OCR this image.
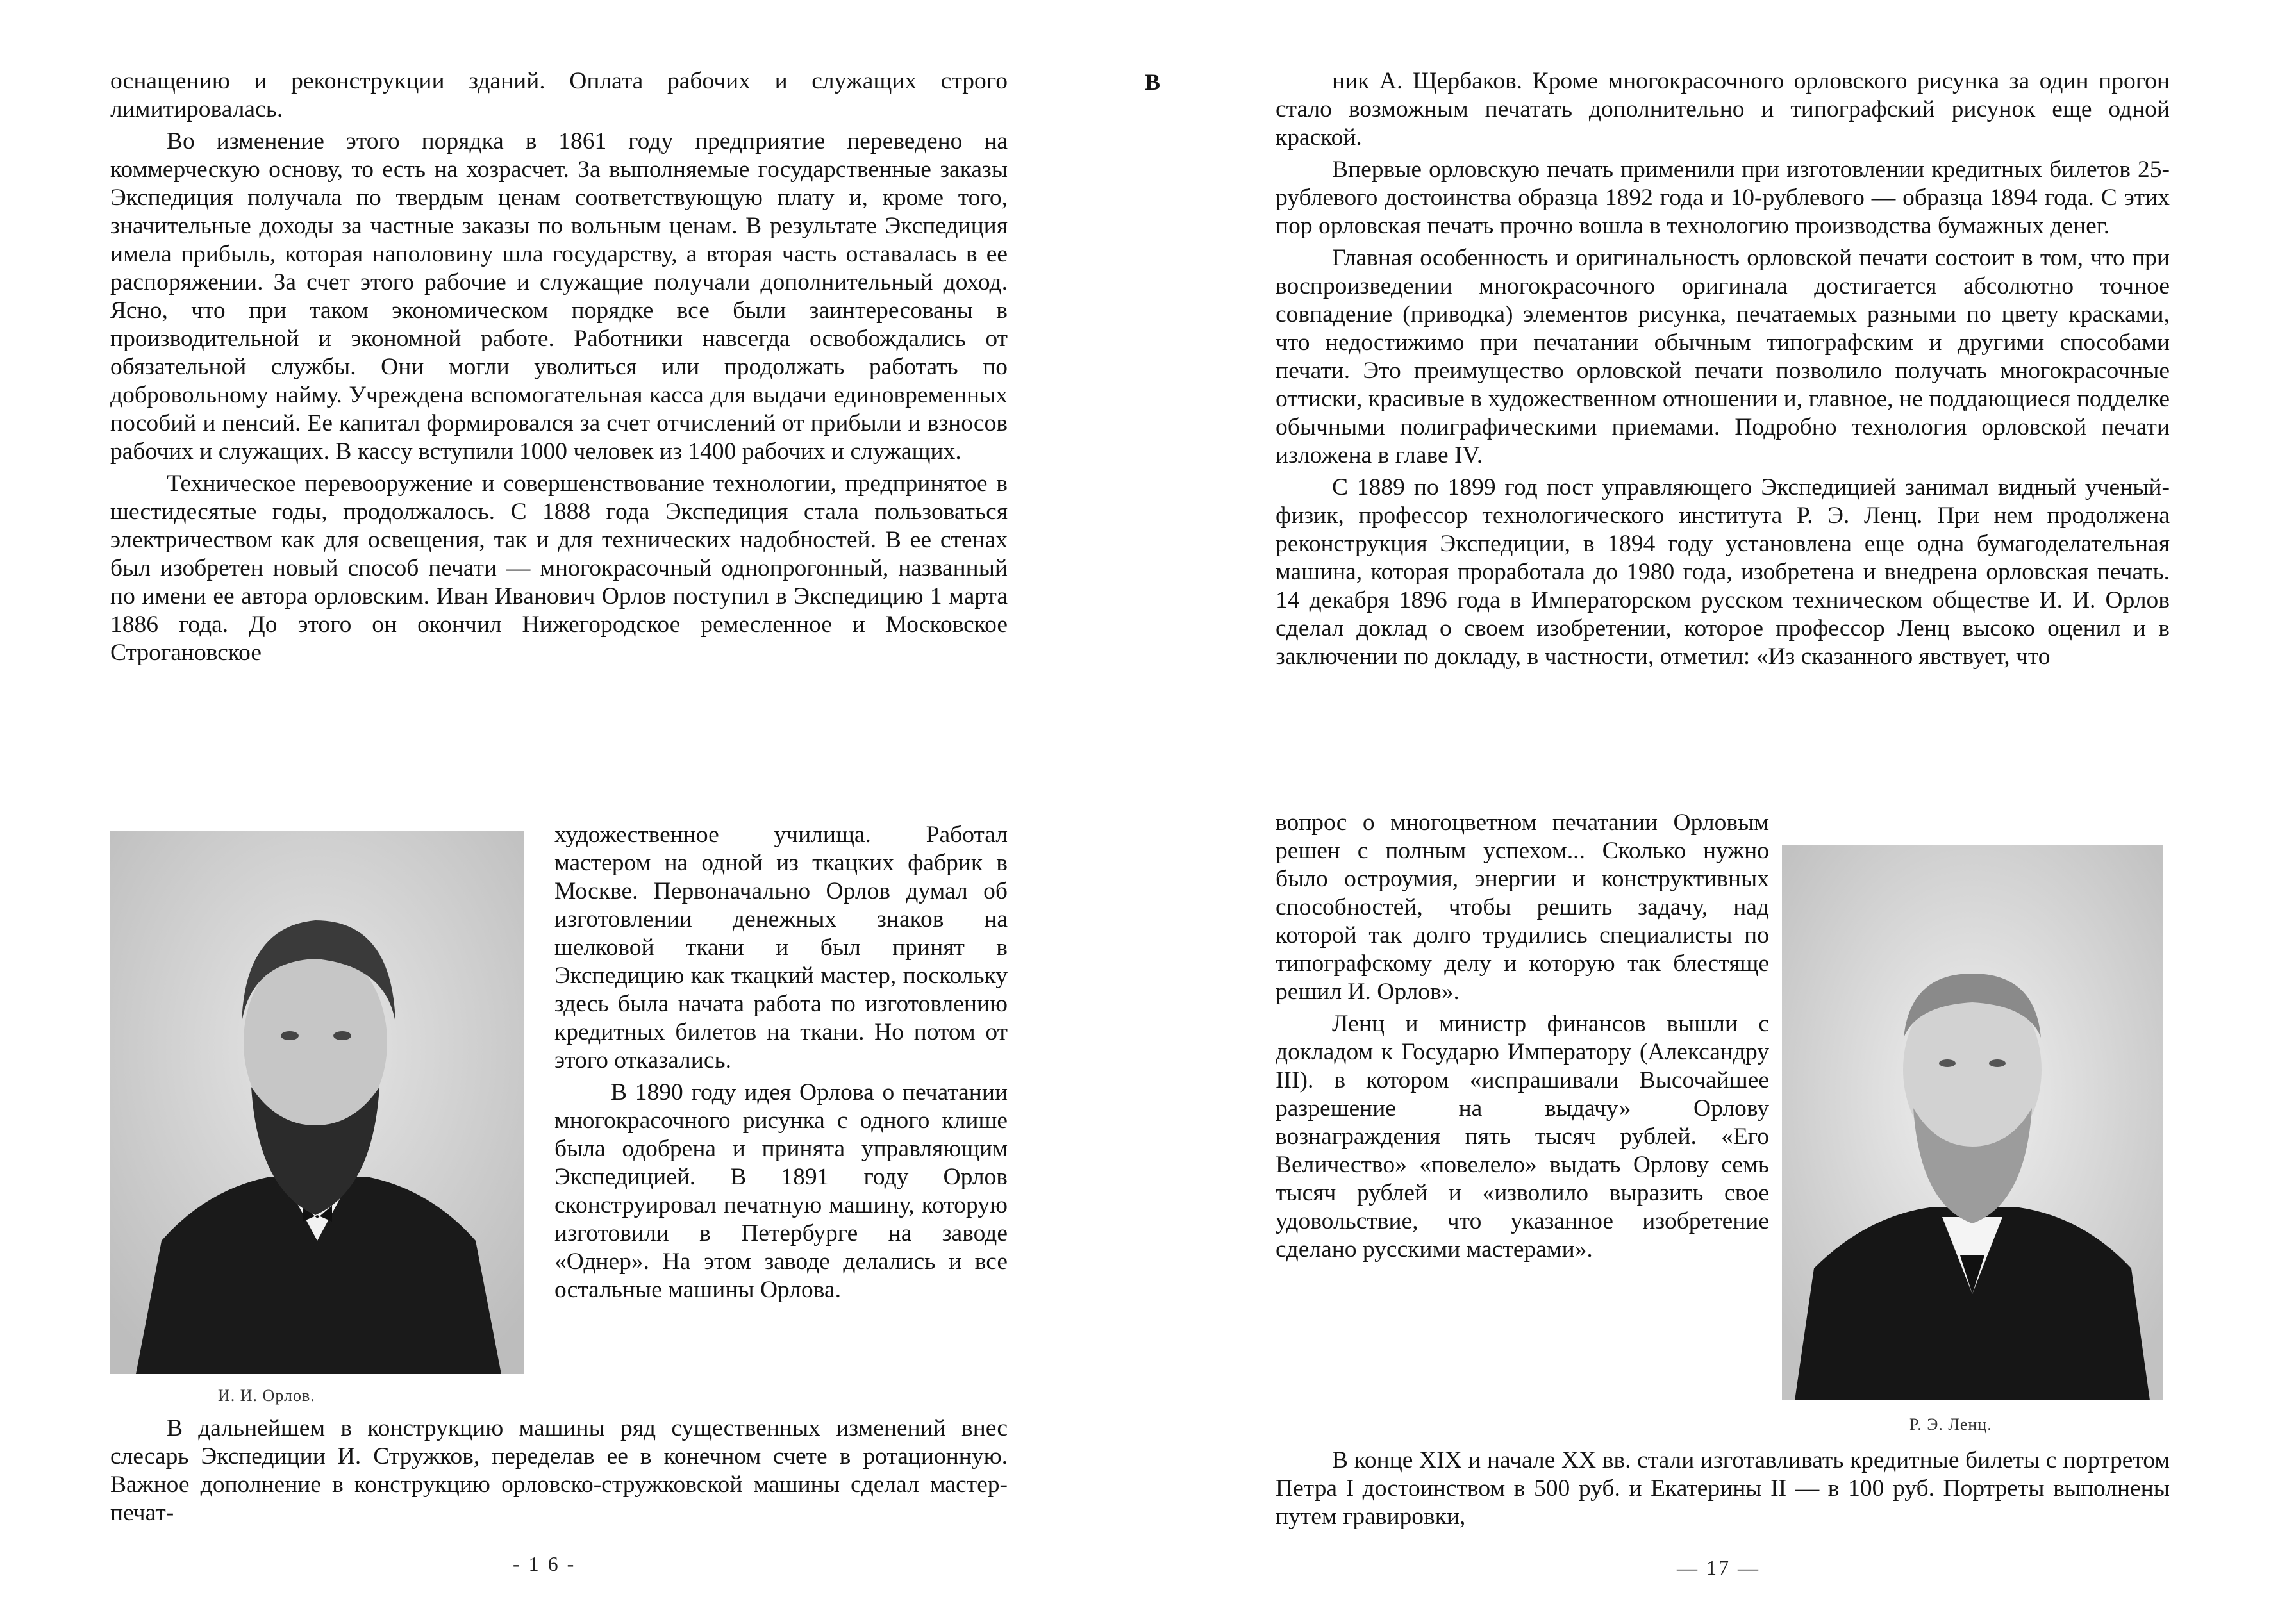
оснащению и реконструкции зданий. Оплата рабочих и служащих строго лимитировалась.

Во изменение этого порядка в 1861 году предприятие переведено на коммерческую основу, то есть на хозрасчет. За выполняемые государственные заказы Экспедиция получала по твердым ценам соответствующую плату и, кроме того, значительные доходы за частные заказы по вольным ценам. В результате Экспедиция имела прибыль, которая наполовину шла государству, а вторая часть оставалась в ее распоряжении. За счет этого рабочие и служащие получали дополнительный доход. Ясно, что при таком экономическом порядке все были заинтересованы в производительной и экономной работе. Работники навсегда освобождались от обязательной службы. Они могли уволиться или продолжать работать по добровольному найму. Учреждена вспомогательная касса для выдачи единовременных пособий и пенсий. Ее капитал формировался за счет отчислений от прибыли и взносов рабочих и служащих. В кассу вступили 1000 человек из 1400 рабочих и служащих.

Техническое перевооружение и совершенствование технологии, предпринятое в шестидесятые годы, продолжалось. С 1888 года Экспедиция стала пользоваться электричеством как для освещения, так и для технических надобностей. В ее стенах был изобретен новый способ печати — многокрасочный однопрогонный, названный по имени ее автора орловским. Иван Иванович Орлов поступил в Экспедицию 1 марта 1886 года. До этого он окончил Нижегородское ремесленное и Московское Строгановское

И. И. Орлов.

художественное училища. Работал мастером на одной из ткацких фабрик в Москве. Первоначально Орлов думал об изготовлении денежных знаков на шелковой ткани и был принят в Экспедицию как ткацкий мастер, поскольку здесь была начата работа по изготовлению кредитных билетов на ткани. Но потом от этого отказались.

В 1890 году идея Орлова о печатании многокрасочного рисунка с одного клише была одобрена и принята управляющим Экспедицией. В 1891 году Орлов сконструировал печатную машину, которую изготовили в Петербурге на заводе «Однер». На этом заводе делались и все остальные машины Орлова.

В дальнейшем в конструкцию машины ряд существенных изменений внес слесарь Экспедиции И. Стружков, переделав ее в конечном счете в ротационную. Важное дополнение в конструкцию орловско-стружковской машины сделал мастер-печат-

- 1 6 -
В	ник А. Щербаков. Кроме многокрасочного орловского рисунка за один прогон стало возможным печатать дополнительно и типографский рисунок еще одной краской.

Впервые орловскую печать применили при изготовлении кредитных билетов 25-рублевого достоинства образца 1892 года и 10-рублевого — образца 1894 года. С этих пор орловская печать прочно вошла в технологию производства бумажных денег.

Главная особенность и оригинальность орловской печати состоит в том, что при воспроизведении многокрасочного оригинала достигается абсолютно точное совпадение (приводка) элементов рисунка, печатаемых разными по цвету красками, что недостижимо при печатании обычным типографским и другими способами печати. Это преимущество орловской печати позволило получать многокрасочные оттиски, красивые в художественном отношении и, главное, не поддающиеся подделке обычными полиграфическими приемами. Подробно технология орловской печати изложена в главе IV.

С 1889 по 1899 год пост управляющего Экспедицией занимал видный ученый-физик, профессор технологического института Р. Э. Ленц. При нем продолжена реконструкция Экспедиции, в 1894 году установлена еще одна бумагоделательная машина, которая проработала до 1980 года, изобретена и внедрена орловская печать. 14 декабря 1896 года в Императорском русском техническом обществе И. И. Орлов сделал доклад о своем изобретении, которое профессор Ленц высоко оценил и в заключении по докладу, в частности, отметил: «Из сказанного явствует, что

вопрос о многоцветном печатании Орловым решен с полным успехом... Сколько нужно было остроумия, энергии и конструктивных способностей, чтобы решить задачу, над которой так долго трудились специалисты по типографскому делу и которую так блестяще решил И. Орлов».

Ленц и министр финансов вышли с докладом к Государю Императору (Александру III). в котором «испрашивали Высочайшее разрешение на выдачу» Орлову вознаграждения пять тысяч рублей. «Его Величество» «повелело» выдать Орлову семь тысяч рублей и «изволило выразить свое удовольствие, что указанное изобретение сделано русскими мастерами».

Р. Э. Ленц.

В конце XIX и начале XX вв. стали изготавливать кредитные билеты с портретом Петра I достоинством в 500 руб. и Екатерины II — в 100 руб. Портреты выполнены путем гравировки,

— 17 —
